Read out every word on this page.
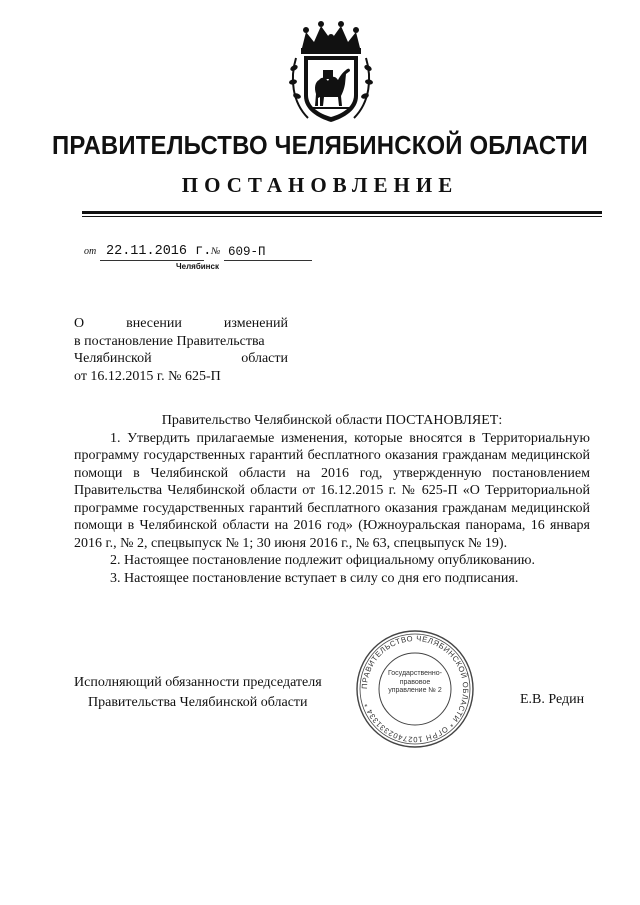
ПРАВИТЕЛЬСТВО ЧЕЛЯБИНСКОЙ ОБЛАСТИ
ПОСТАНОВЛЕНИЕ
от 22.11.2016 г. № 609-П
Челябинск
О	внесении	изменений
в постановление Правительства
Челябинской	области
от 16.12.2015 г. № 625-П

Правительство Челябинской области ПОСТАНОВЛЯЕТ:

1. Утвердить прилагаемые изменения, которые вносятся в Территориальную программу государственных гарантий бесплатного оказания гражданам медицинской помощи в Челябинской области на 2016 год, утвержденную постановлением Правительства Челябинской области от 16.12.2015 г. № 625-П «О Территориальной программе государственных гарантий бесплатного оказания гражданам медицинской помощи в Челябинской области на 2016 год» (Южноуральская панорама, 16 января 2016 г., № 2, спецвыпуск № 1; 30 июня 2016 г., № 63, спецвыпуск № 19).

2. Настоящее постановление подлежит официальному опубликованию.

3. Настоящее постановление вступает в силу со дня его подписания.

Исполняющий обязанности председателя
Правительства Челябинской области
ПРАВИТЕЛЬСТВО ЧЕЛЯБИНСКОЙ ОБЛАСТИ * ОГРН 1027402331334 *
Государственно-правовое управление № 2
Е.В. Редин
